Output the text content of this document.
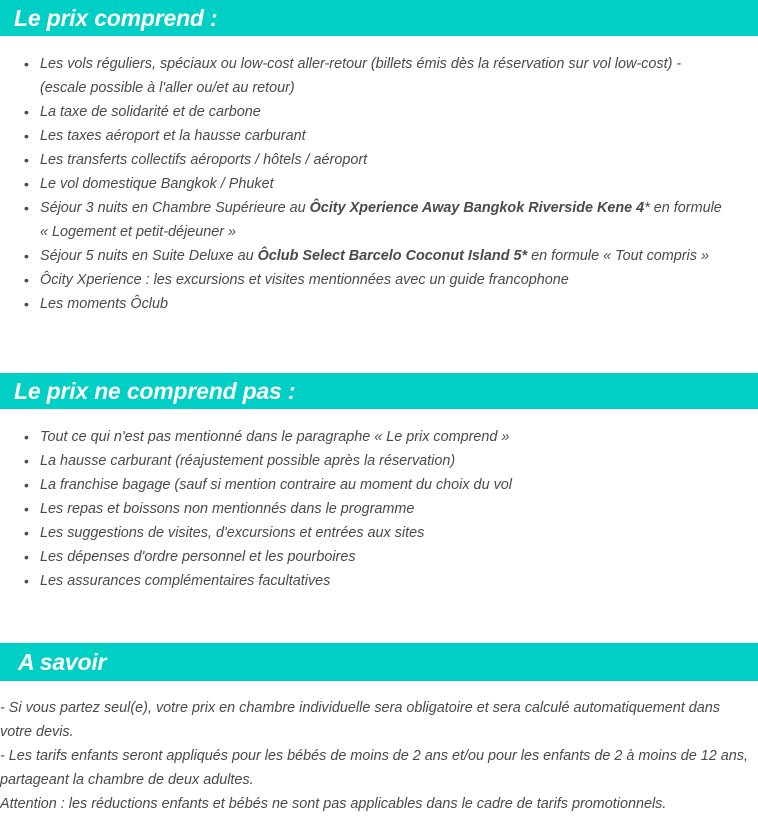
Le prix comprend :
• Les vols réguliers, spéciaux ou low-cost aller-retour (billets émis dès la réservation sur vol low-cost) - (escale possible à l'aller ou/et au retour)
• La taxe de solidarité et de carbone
• Les taxes aéroport et la hausse carburant
• Les transferts collectifs aéroports / hôtels / aéroport
• Le vol domestique Bangkok / Phuket
• Séjour 3 nuits en Chambre Supérieure au Ôcity Xperience Away Bangkok Riverside Kene 4* en formule « Logement et petit-déjeuner »
• Séjour 5 nuits en Suite Deluxe au Ôclub Select Barcelo Coconut Island 5* en formule « Tout compris »
• Ôcity Xperience : les excursions et visites mentionnées avec un guide francophone
• Les moments Ôclub
Le prix ne comprend pas :
• Tout ce qui n'est pas mentionné dans le paragraphe « Le prix comprend »
• La hausse carburant (réajustement possible après la réservation)
• La franchise bagage (sauf si mention contraire au moment du choix du vol
• Les repas et boissons non mentionnés dans le programme
• Les suggestions de visites, d'excursions et entrées aux sites
• Les dépenses d'ordre personnel et les pourboires
• Les assurances complémentaires facultatives
A savoir

- Si vous partez seul(e), votre prix en chambre individuelle sera obligatoire et sera calculé automatiquement dans votre devis.

- Les tarifs enfants seront appliqués pour les bébés de moins de 2 ans et/ou pour les enfants de 2 à moins de 12 ans, partageant la chambre de deux adultes.

Attention : les réductions enfants et bébés ne sont pas applicables dans le cadre de tarifs promotionnels.
